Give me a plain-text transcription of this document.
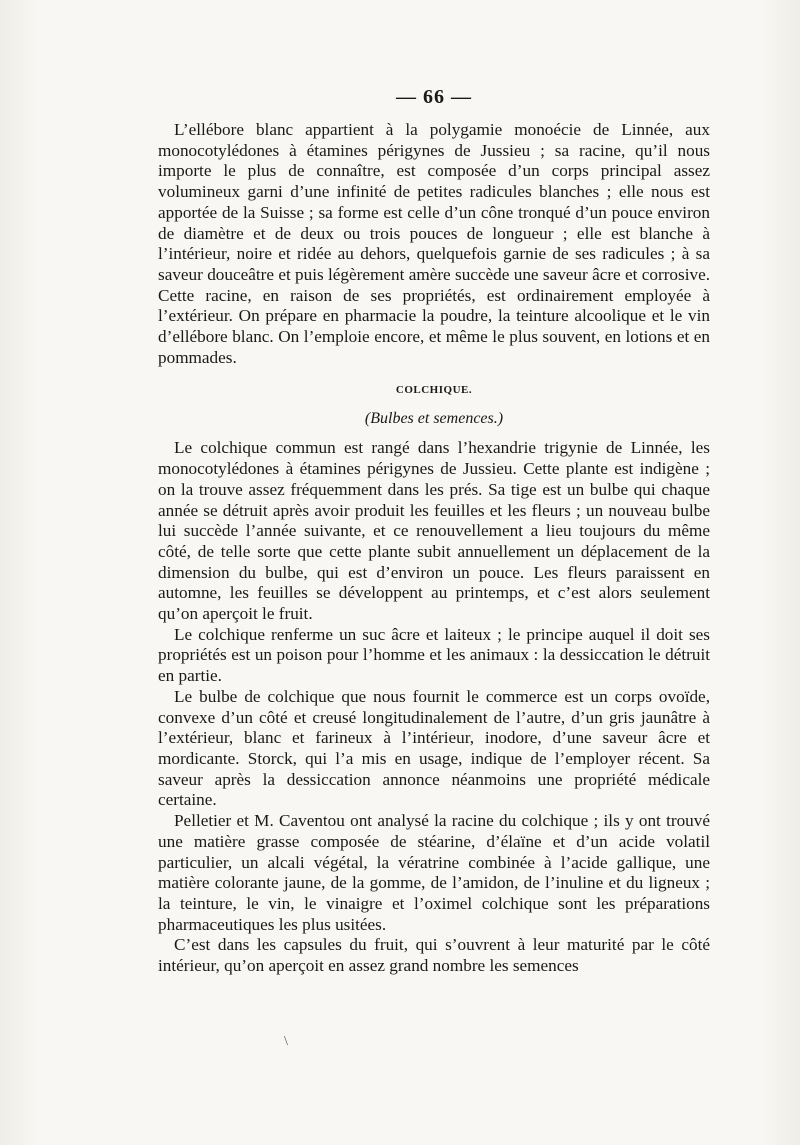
— 66 —

L’ellébore blanc appartient à la polygamie monoécie de Linnée, aux monocotylédones à étamines périgynes de Jussieu ; sa racine, qu’il nous importe le plus de connaître, est composée d’un corps principal assez volumineux garni d’une infinité de petites radicules blanches ; elle nous est apportée de la Suisse ; sa forme est celle d’un cône tronqué d’un pouce environ de diamètre et de deux ou trois pouces de longueur ; elle est blanche à l’intérieur, noire et ridée au dehors, quelquefois garnie de ses radicules ; à sa saveur douceâtre et puis légèrement amère succède une saveur âcre et corrosive. Cette racine, en raison de ses propriétés, est ordinairement employée à l’extérieur. On prépare en pharmacie la poudre, la teinture alcoolique et le vin d’ellébore blanc. On l’emploie encore, et même le plus souvent, en lotions et en pommades.

COLCHIQUE.
(Bulbes et semences.)

Le colchique commun est rangé dans l’hexandrie trigynie de Linnée, les monocotylédones à étamines périgynes de Jussieu. Cette plante est indigène ; on la trouve assez fréquemment dans les prés. Sa tige est un bulbe qui chaque année se détruit après avoir produit les feuilles et les fleurs ; un nouveau bulbe lui succède l’année suivante, et ce renouvellement a lieu toujours du même côté, de telle sorte que cette plante subit annuellement un déplacement de la dimension du bulbe, qui est d’environ un pouce. Les fleurs paraissent en automne, les feuilles se développent au printemps, et c’est alors seulement qu’on aperçoit le fruit.

Le colchique renferme un suc âcre et laiteux ; le principe auquel il doit ses propriétés est un poison pour l’homme et les animaux : la dessiccation le détruit en partie.

Le bulbe de colchique que nous fournit le commerce est un corps ovoïde, convexe d’un côté et creusé longitudinalement de l’autre, d’un gris jaunâtre à l’extérieur, blanc et farineux à l’intérieur, inodore, d’une saveur âcre et mordicante. Storck, qui l’a mis en usage, indique de l’employer récent. Sa saveur après la dessiccation annonce néanmoins une propriété médicale certaine.

Pelletier et M. Caventou ont analysé la racine du colchique ; ils y ont trouvé une matière grasse composée de stéarine, d’élaïne et d’un acide volatil particulier, un alcali végétal, la vératrine combinée à l’acide gallique, une matière colorante jaune, de la gomme, de l’amidon, de l’inuline et du ligneux ; la teinture, le vin, le vinaigre et l’oximel colchique sont les préparations pharmaceutiques les plus usitées.

C’est dans les capsules du fruit, qui s’ouvrent à leur maturité par le côté intérieur, qu’on aperçoit en assez grand nombre les semences

\
